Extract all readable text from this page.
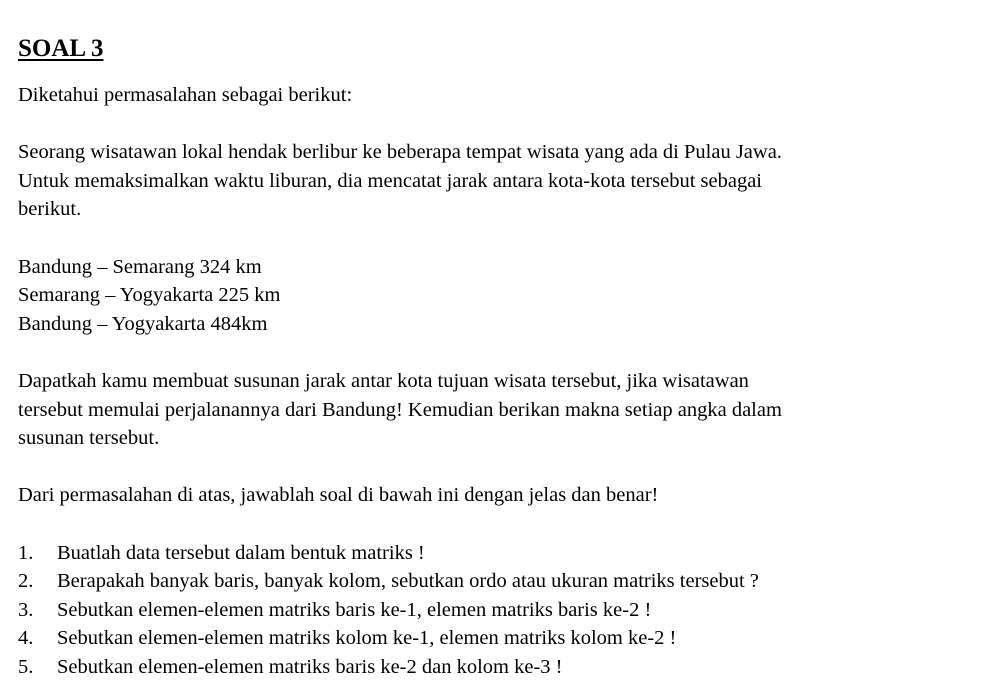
SOAL 3

Diketahui permasalahan sebagai berikut:

Seorang wisatawan lokal hendak berlibur ke beberapa tempat wisata yang ada di Pulau Jawa.

Untuk memaksimalkan waktu liburan, dia mencatat jarak antara kota-kota tersebut sebagai

berikut.

Bandung – Semarang 324 km

Semarang – Yogyakarta 225 km

Bandung – Yogyakarta 484km

Dapatkah kamu membuat susunan jarak antar kota tujuan wisata tersebut, jika wisatawan

tersebut memulai perjalanannya dari Bandung! Kemudian berikan makna setiap angka dalam

susunan tersebut.

Dari permasalahan di atas, jawablah soal di bawah ini dengan jelas dan benar!

1.	Buatlah data tersebut dalam bentuk matriks !
2.	Berapakah banyak baris, banyak kolom, sebutkan ordo atau ukuran matriks tersebut ?
3.	Sebutkan elemen-elemen matriks baris ke-1, elemen matriks baris ke-2 !
4.	Sebutkan elemen-elemen matriks kolom ke-1, elemen matriks kolom ke-2 !
5.	Sebutkan elemen-elemen matriks baris ke-2 dan kolom ke-3 !
